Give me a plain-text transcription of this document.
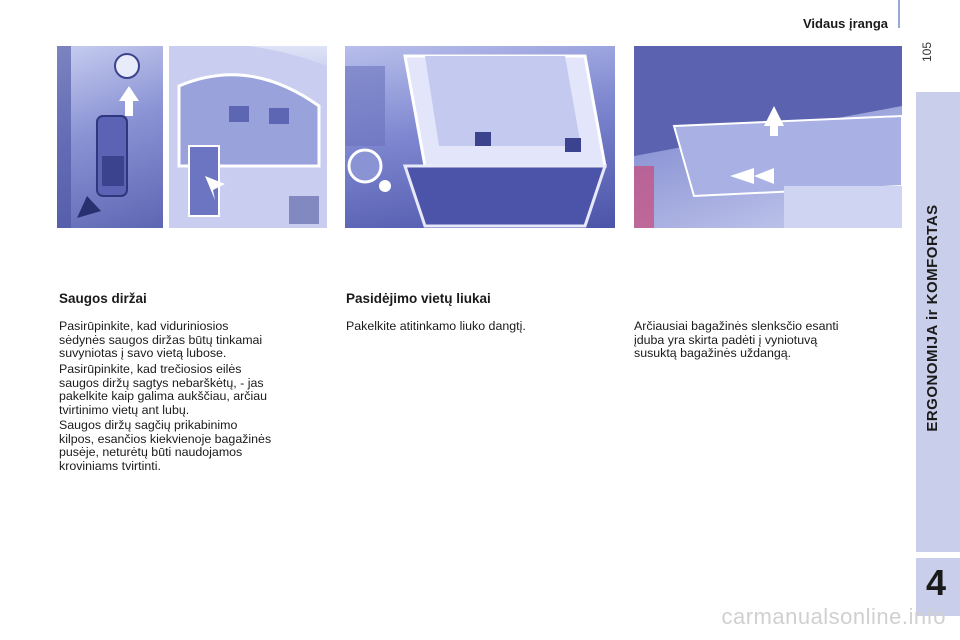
Vidaus įranga
105
ERGONOMIJA ir KOMFORTAS
4
Saugos diržai
Pasirūpinkite, kad viduriniosios
sėdynės saugos diržas būtų tinkamai
suvyniotas į savo vietą lubose.
Pasirūpinkite, kad trečiosios eilės
saugos diržų sagtys nebarškėtų, - jas
pakelkite kaip galima aukščiau, arčiau
tvirtinimo vietų ant lubų.
Saugos diržų sagčių prikabinimo
kilpos, esančios kiekvienoje bagažinės
pusėje, neturėtų būti naudojamos
kroviniams tvirtinti.
Pasidėjimo vietų liukai
Pakelkite atitinkamo liuko dangtį.	Arčiausiai bagažinės slenksčio esanti
įduba yra skirta padėti į vyniotuvą
susuktą bagažinės uždangą.
carmanualsonline.info
